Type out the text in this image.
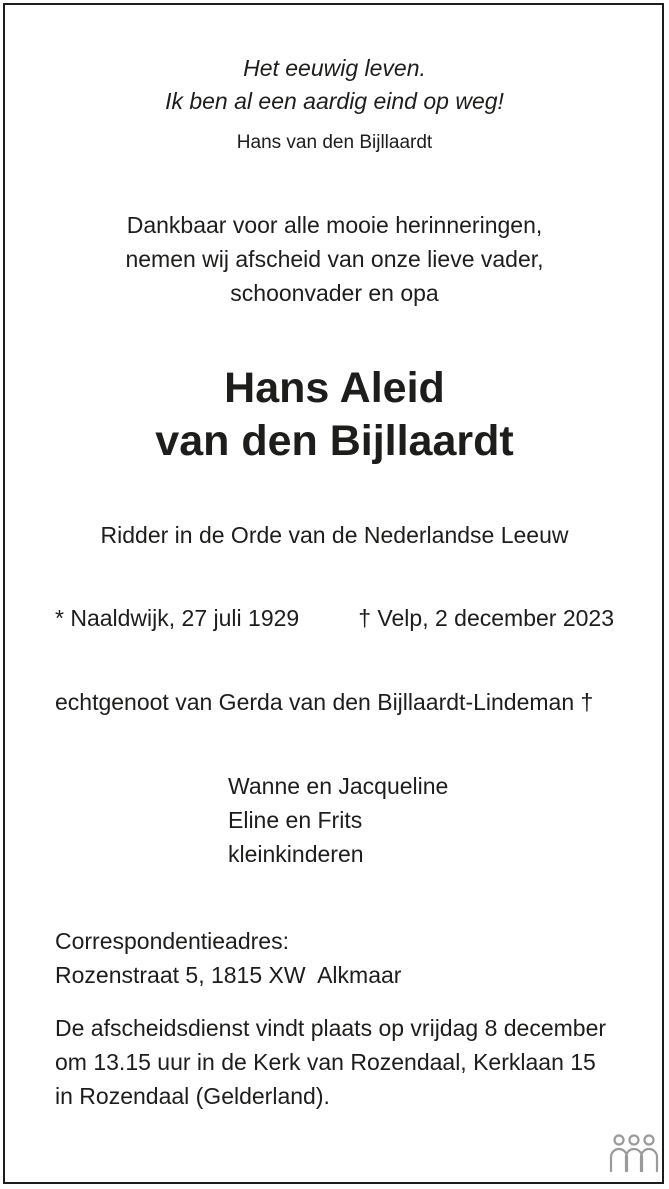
Het eeuwig leven.
Ik ben al een aardig eind op weg!
Hans van den Bijllaardt
Dankbaar voor alle mooie herinneringen,
nemen wij afscheid van onze lieve vader,
schoonvader en opa
Hans Aleid
van den Bijllaardt
Ridder in de Orde van de Nederlandse Leeuw
* Naaldwijk, 27 juli 1929	† Velp, 2 december 2023
echtgenoot van Gerda van den Bijllaardt-Lindeman †
Wanne en Jacqueline
Eline en Frits
kleinkinderen
Correspondentieadres:
Rozenstraat 5, 1815 XW  Alkmaar
De afscheidsdienst vindt plaats op vrijdag 8 december
om 13.15 uur in de Kerk van Rozendaal, Kerklaan 15
in Rozendaal (Gelderland).
